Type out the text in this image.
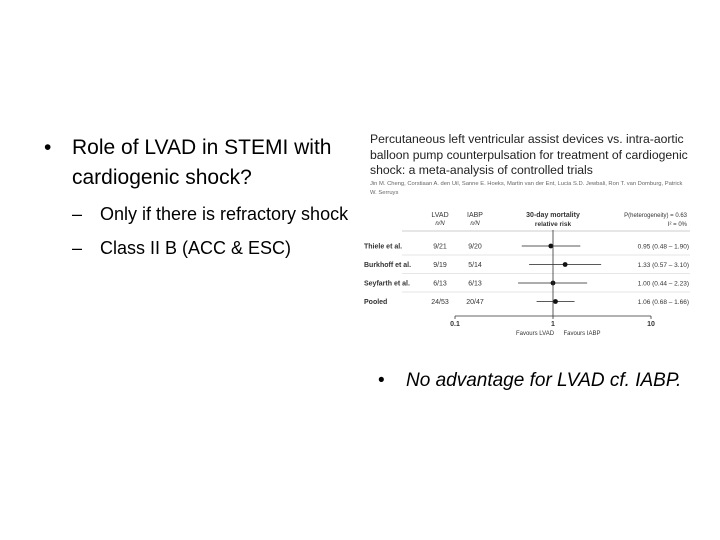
• Role of LVAD in STEMI with cardiogenic shock?
– Only if there is refractory shock
– Class II B (ACC & ESC)
Percutaneous left ventricular assist devices vs. intra-aortic balloon pump counterpulsation for treatment of cardiogenic shock: a meta-analysis of controlled trials
Jin M. Cheng, Corstiaan A. den Uil, Sanne E. Hoeks, Martin van der Ent, Lucia S.D. Jewbali, Ron T. van Domburg, Patrick W. Serruys
LVAD
n/N
IABP
n/N
30-day mortality
relative risk
P(heterogeneity) = 0.63
I² = 0%
Thiele et al.	9/21	9/20	0.95 (0.48 – 1.90)
Burkhoff et al.	9/19	5/14	1.33 (0.57 – 3.10)
Seyfarth et al.	6/13	6/13	1.00 (0.44 – 2.23)
Pooled	24/53 20/47	1.06 (0.68 – 1.66)
0.1	1	10
Favours LVAD Favours IABP
•	No advantage for LVAD cf. IABP.
